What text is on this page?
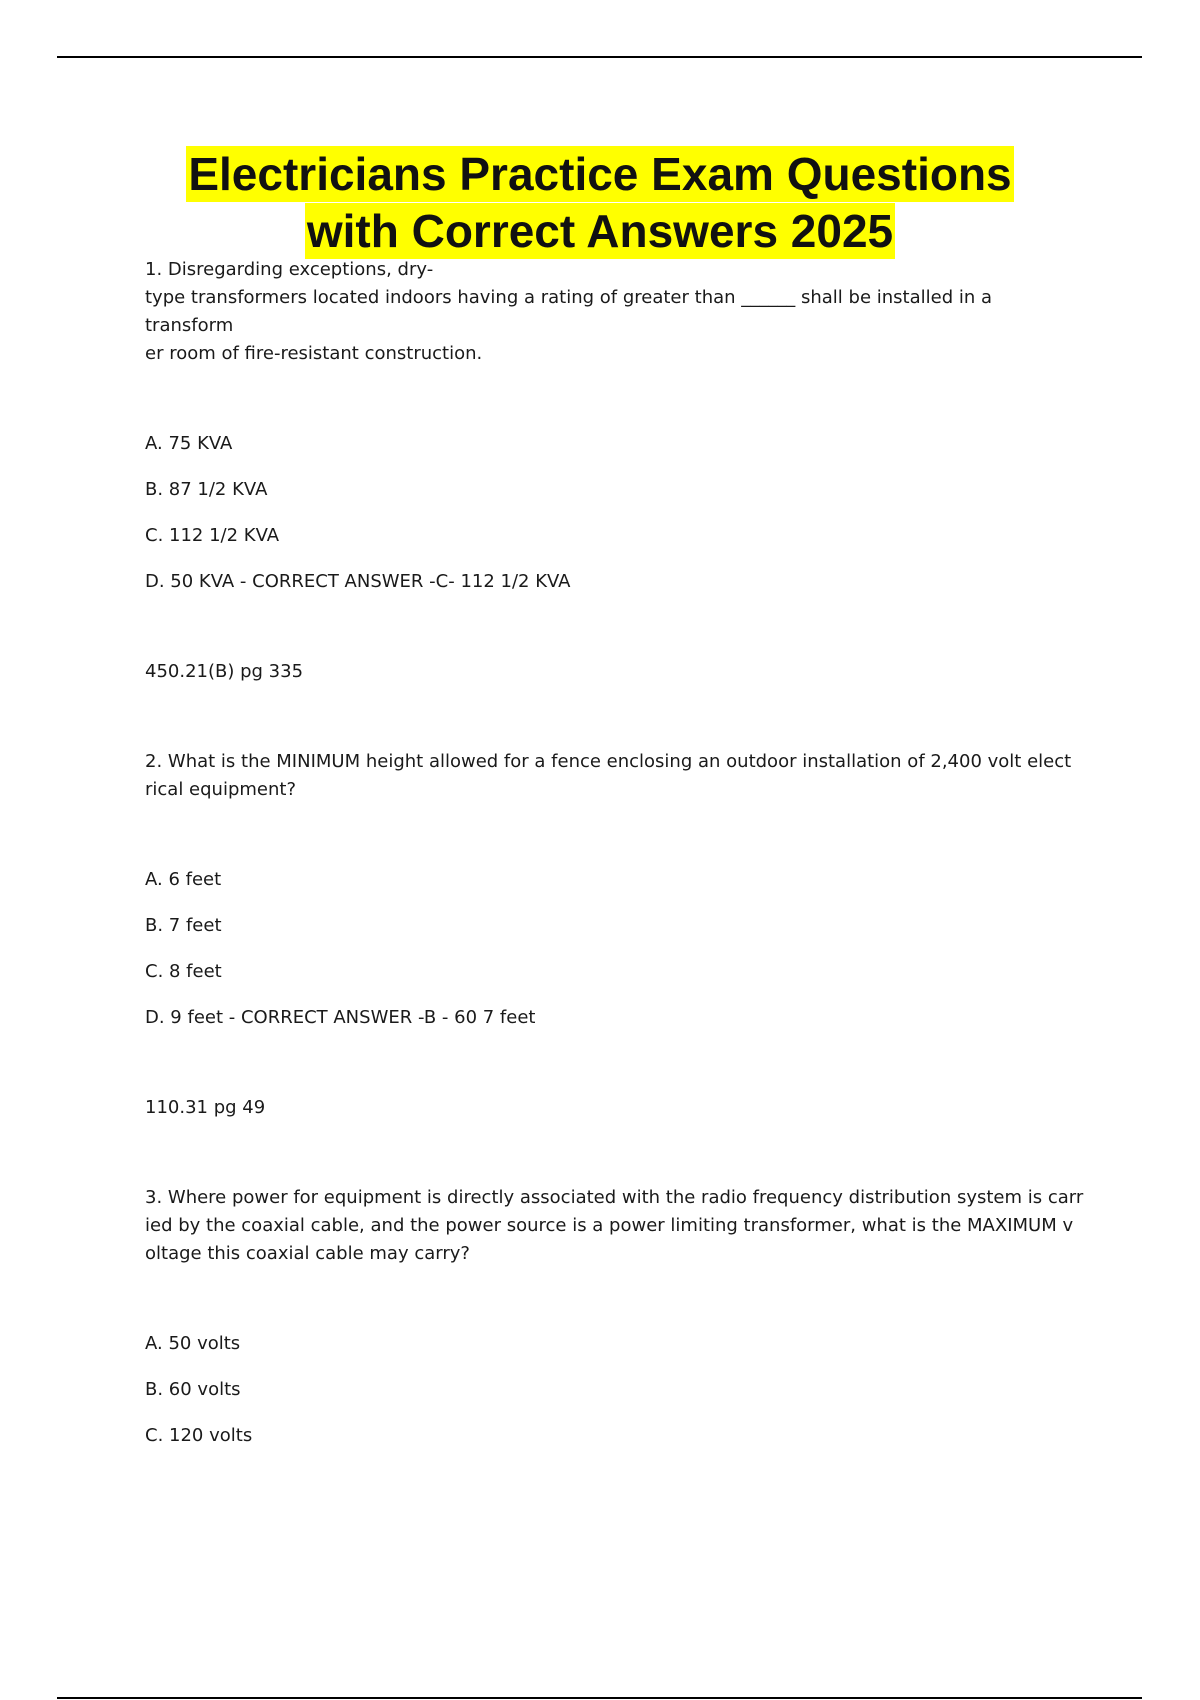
Electricians Practice Exam Questions
with Correct Answers 2025

1. Disregarding exceptions, dry-

type transformers located indoors having a rating of greater than ______ shall be installed in a transform

er room of fire-resistant construction.

A. 75 KVA

B. 87 1/2 KVA

C. 112 1/2 KVA

D. 50 KVA - CORRECT ANSWER -C- 112 1/2 KVA

450.21(B) pg 335

2. What is the MINIMUM height allowed for a fence enclosing an outdoor installation of 2,400 volt elect

rical equipment?

A. 6 feet

B. 7 feet

C. 8 feet

D. 9 feet - CORRECT ANSWER -B - 60 7 feet

110.31 pg 49

3. Where power for equipment is directly associated with the radio frequency distribution system is carr

ied by the coaxial cable, and the power source is a power limiting transformer, what is the MAXIMUM v

oltage this coaxial cable may carry?

A. 50 volts

B. 60 volts

C. 120 volts
